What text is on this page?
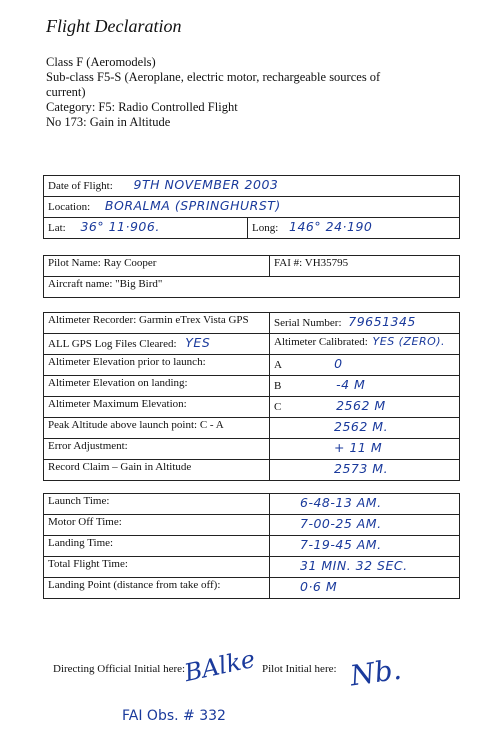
Flight Declaration
Class F (Aeromodels)
Sub-class F5-S (Aeroplane, electric motor, rechargeable sources of
current)
Category: F5: Radio Controlled Flight
No 173: Gain in Altitude
Date of Flight: 9TH NOVEMBER 2003
Location: BORALMA (SPRINGHURST)
Lat: 36° 11·906.	Long: 146° 24·190
Pilot Name: Ray Cooper	FAI #: VH35795
Aircraft name: "Big Bird"
Altimeter Recorder: Garmin eTrex Vista GPS	Serial Number: 79651345
ALL GPS Log Files Cleared: YES	Altimeter Calibrated: YES (ZERO).
Altimeter Elevation prior to launch:	A 0
Altimeter Elevation on landing:	B -4 M
Altimeter Maximum Elevation:	C 2562 M
Peak Altitude above launch point: C - A	2562 M.
Error Adjustment:	+ 11 M
Record Claim – Gain in Altitude	2573 M.
Launch Time:	6-48-13 AM.
Motor Off Time:	7-00-25 AM.
Landing Time:	7-19-45 AM.
Total Flight Time:	31 MIN. 32 SEC.
Landing Point (distance from take off):	0·6 M
Directing Official Initial here:
BAlke Pilot Initial here: Nb.
FAI Obs. # 332
